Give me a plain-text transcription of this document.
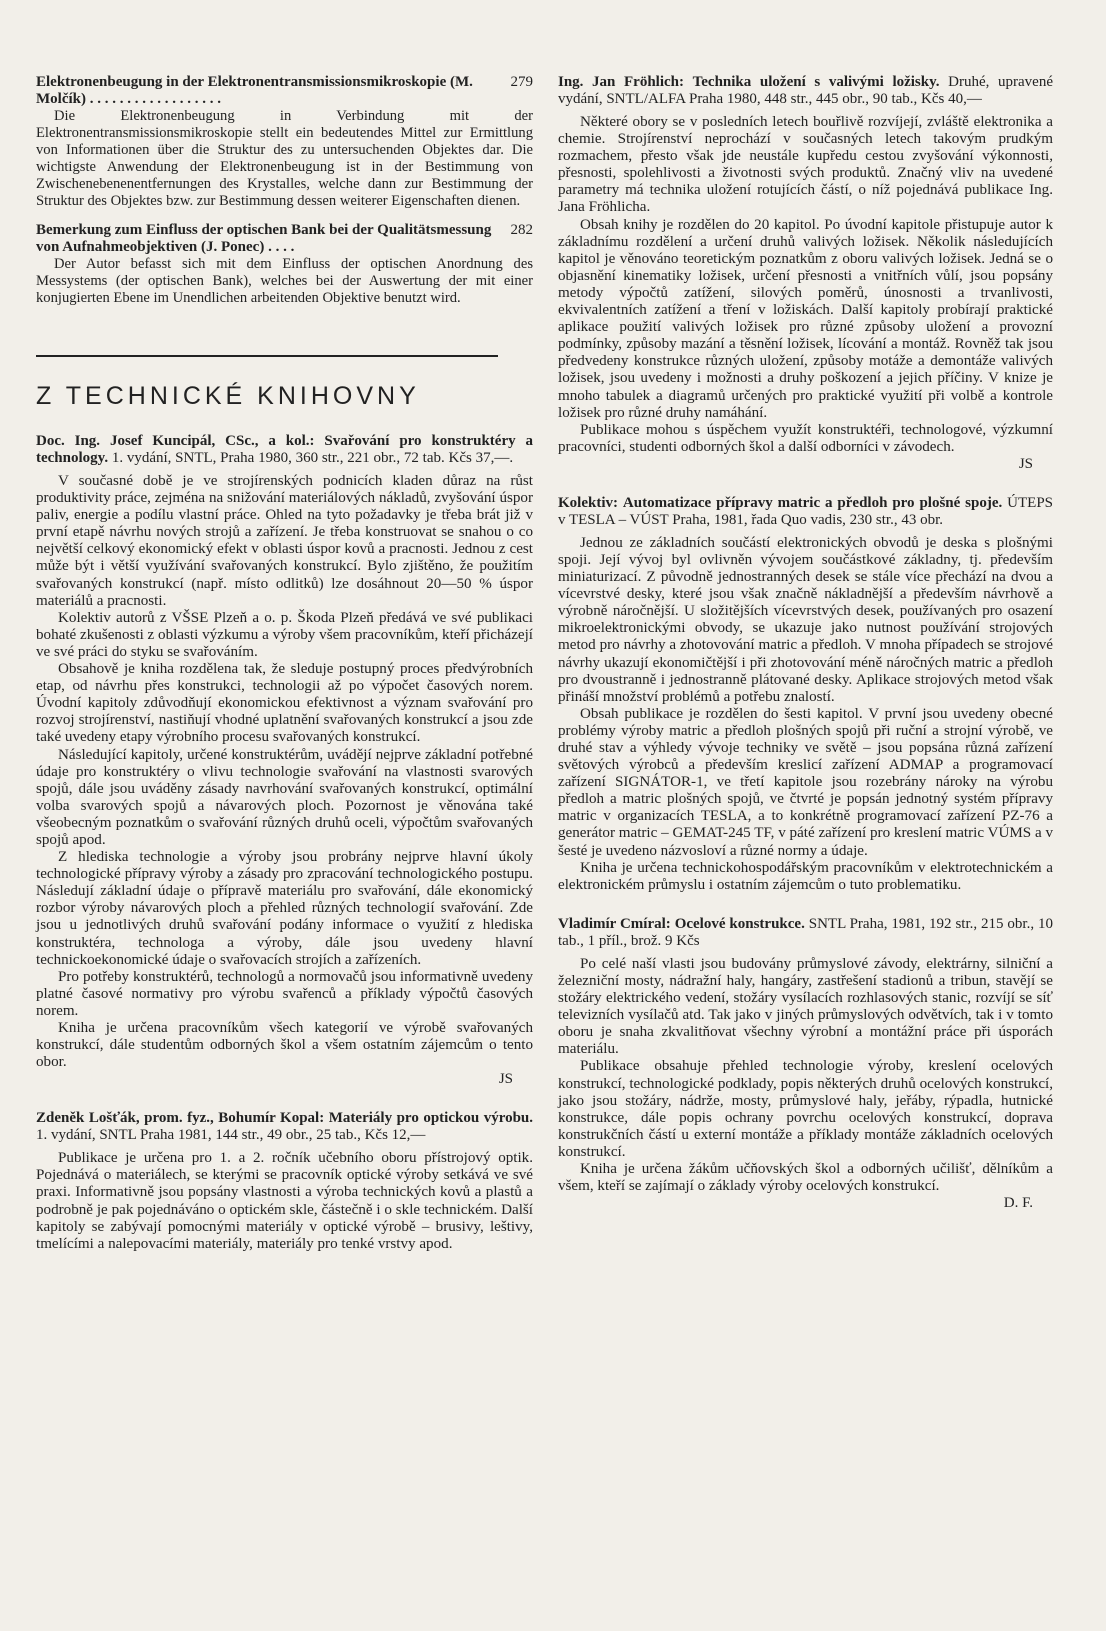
279
Elektronenbeugung in der Elektronentransmissionsmikroskopie (M. Molčík) . . . . . . . . . . . . . . . . . .

Die Elektronenbeugung in Verbindung mit der Elektronentransmissionsmikroskopie stellt ein bedeutendes Mittel zur Ermittlung von Informationen über die Struktur des zu untersuchenden Objektes dar. Die wichtigste Anwendung der Elektronenbeugung ist in der Bestimmung von Zwischenebenenentfernungen des Krystalles, welche dann zur Bestimmung der Struktur des Objektes bzw. zur Bestimmung dessen weiterer Eigenschaften dienen.

282
Bemerkung zum Einfluss der optischen Bank bei der Qualitätsmessung von Aufnahmeobjektiven (J. Ponec) . . . .

Der Autor befasst sich mit dem Einfluss der optischen Anordnung des Messystems (der optischen Bank), welches bei der Auswertung der mit einer konjugierten Ebene im Unendlichen arbeitenden Objektive benutzt wird.

Z TECHNICKÉ KNIHOVNY

Doc. Ing. Josef Kuncipál, CSc., a kol.: Svařování pro konstruktéry a technology. 1. vydání, SNTL, Praha 1980, 360 str., 221 obr., 72 tab. Kčs 37,—.

V současné době je ve strojírenských podnicích kladen důraz na růst produktivity práce, zejména na snižování materiálových nákladů, zvyšování úspor paliv, energie a podílu vlastní práce. Ohled na tyto požadavky je třeba brát již v první etapě návrhu nových strojů a zařízení. Je třeba konstruovat se snahou o co největší celkový ekonomický efekt v oblasti úspor kovů a pracnosti. Jednou z cest může být i větší využívání svařovaných konstrukcí. Bylo zjištěno, že použitím svařovaných konstrukcí (např. místo odlitků) lze dosáhnout 20—50 % úspor materiálů a pracnosti.

Kolektiv autorů z VŠSE Plzeň a o. p. Škoda Plzeň předává ve své publikaci bohaté zkušenosti z oblasti výzkumu a výroby všem pracovníkům, kteří přicházejí ve své práci do styku se svařováním.

Obsahově je kniha rozdělena tak, že sleduje postupný proces předvýrobních etap, od návrhu přes konstrukci, technologii až po výpočet časových norem. Úvodní kapitoly zdůvodňují ekonomickou efektivnost a význam svařování pro rozvoj strojírenství, nastiňují vhodné uplatnění svařovaných konstrukcí a jsou zde také uvedeny etapy výrobního procesu svařovaných konstrukcí.

Následující kapitoly, určené konstruktérům, uvádějí nejprve základní potřebné údaje pro konstruktéry o vlivu technologie svařování na vlastnosti svarových spojů, dále jsou uváděny zásady navrhování svařovaných konstrukcí, optimální volba svarových spojů a návarových ploch. Pozornost je věnována také všeobecným poznatkům o svařování různých druhů oceli, výpočtům svařovaných spojů apod.

Z hlediska technologie a výroby jsou probrány nejprve hlavní úkoly technologické přípravy výroby a zásady pro zpracování technologického postupu. Následují základní údaje o přípravě materiálu pro svařování, dále ekonomický rozbor výroby návarových ploch a přehled různých technologií svařování. Zde jsou u jednotlivých druhů svařování podány informace o využití z hlediska konstruktéra, technologa a výroby, dále jsou uvedeny hlavní technickoekonomické údaje o svařovacích strojích a zařízeních.

Pro potřeby konstruktérů, technologů a normovačů jsou informativně uvedeny platné časové normativy pro výrobu svařenců a příklady výpočtů časových norem.

Kniha je určena pracovníkům všech kategorií ve výrobě svařovaných konstrukcí, dále studentům odborných škol a všem ostatním zájemcům o tento obor.

JS

Zdeněk Lošťák, prom. fyz., Bohumír Kopal: Materiály pro optickou výrobu. 1. vydání, SNTL Praha 1981, 144 str., 49 obr., 25 tab., Kčs 12,—

Publikace je určena pro 1. a 2. ročník učebního oboru přístrojový optik. Pojednává o materiálech, se kterými se pracovník optické výroby setkává ve své praxi. Informativně jsou popsány vlastnosti a výroba technických kovů a plastů a podrobně je pak pojednáváno o optickém skle, částečně i o skle technickém. Další kapitoly se zabývají pomocnými materiály v optické výrobě – brusivy, leštivy, tmelícími a nalepovacími materiály, materiály pro tenké vrstvy apod.

Ing. Jan Fröhlich: Technika uložení s valivými ložisky. Druhé, upravené vydání, SNTL/ALFA Praha 1980, 448 str., 445 obr., 90 tab., Kčs 40,—

Některé obory se v posledních letech bouřlivě rozvíjejí, zvláště elektronika a chemie. Strojírenství neprochází v současných letech takovým prudkým rozmachem, přesto však jde neustále kupředu cestou zvyšování výkonnosti, přesnosti, spolehlivosti a životnosti svých produktů. Značný vliv na uvedené parametry má technika uložení rotujících částí, o níž pojednává publikace Ing. Jana Fröhlicha.

Obsah knihy je rozdělen do 20 kapitol. Po úvodní kapitole přistupuje autor k základnímu rozdělení a určení druhů valivých ložisek. Několik následujících kapitol je věnováno teoretickým poznatkům z oboru valivých ložisek. Jedná se o objasnění kinematiky ložisek, určení přesnosti a vnitřních vůlí, jsou popsány metody výpočtů zatížení, silových poměrů, únosnosti a trvanlivosti, ekvivalentních zatížení a tření v ložiskách. Další kapitoly probírají praktické aplikace použití valivých ložisek pro různé způsoby uložení a provozní podmínky, způsoby mazání a těsnění ložisek, lícování a montáž. Rovněž tak jsou předvedeny konstrukce různých uložení, způsoby motáže a demontáže valivých ložisek, jsou uvedeny i možnosti a druhy poškození a jejich příčiny. V knize je mnoho tabulek a diagramů určených pro praktické využití při volbě a kontrole ložisek pro různé druhy namáhání.

Publikace mohou s úspěchem využít konstruktéři, technologové, výzkumní pracovníci, studenti odborných škol a další odborníci v závodech.

JS

Kolektiv: Automatizace přípravy matric a předloh pro plošné spoje. ÚTEPS v TESLA – VÚST Praha, 1981, řada Quo vadis, 230 str., 43 obr.

Jednou ze základních součástí elektronických obvodů je deska s plošnými spoji. Její vývoj byl ovlivněn vývojem součástkové základny, tj. především miniaturizací. Z původně jednostranných desek se stále více přechází na dvou a vícevrstvé desky, které jsou však značně nákladnější a především návrhově a výrobně náročnější. U složitějších vícevrstvých desek, používaných pro osazení mikroelektronickými obvody, se ukazuje jako nutnost používání strojových metod pro návrhy a zhotovování matric a předloh. V mnoha případech se strojové návrhy ukazují ekonomičtější i při zhotovování méně náročných matric a předloh pro dvoustranně i jednostranně plátované desky. Aplikace strojových metod však přináší množství problémů a potřebu znalostí.

Obsah publikace je rozdělen do šesti kapitol. V první jsou uvedeny obecné problémy výroby matric a předloh plošných spojů při ruční a strojní výrobě, ve druhé stav a výhledy vývoje techniky ve světě – jsou popsána různá zařízení světových výrobců a především kreslicí zařízení ADMAP a programovací zařízení SIGNÁTOR-1, ve třetí kapitole jsou rozebrány nároky na výrobu předloh a matric plošných spojů, ve čtvrté je popsán jednotný systém přípravy matric v organizacích TESLA, a to konkrétně programovací zařízení PZ-76 a generátor matric – GEMAT-245 TF, v páté zařízení pro kreslení matric VÚMS a v šesté je uvedeno názvosloví a různé normy a údaje.

Kniha je určena technickohospodářským pracovníkům v elektrotechnickém a elektronickém průmyslu i ostatním zájemcům o tuto problematiku.

Vladimír Cmíral: Ocelové konstrukce. SNTL Praha, 1981, 192 str., 215 obr., 10 tab., 1 příl., brož. 9 Kčs

Po celé naší vlasti jsou budovány průmyslové závody, elektrárny, silniční a železniční mosty, nádražní haly, hangáry, zastřešení stadionů a tribun, stavějí se stožáry elektrického vedení, stožáry vysílacích rozhlasových stanic, rozvíjí se síť televizních vysílačů atd. Tak jako v jiných průmyslových odvětvích, tak i v tomto oboru je snaha zkvalitňovat všechny výrobní a montážní práce při úsporách materiálu.

Publikace obsahuje přehled technologie výroby, kreslení ocelových konstrukcí, technologické podklady, popis některých druhů ocelových konstrukcí, jako jsou stožáry, nádrže, mosty, průmyslové haly, jeřáby, rýpadla, hutnické konstrukce, dále popis ochrany povrchu ocelových konstrukcí, doprava konstrukčních částí u externí montáže a příklady montáže základních ocelových konstrukcí.

Kniha je určena žákům učňovských škol a odborných učilišť, dělníkům a všem, kteří se zajímají o základy výroby ocelových konstrukcí.

D. F.
